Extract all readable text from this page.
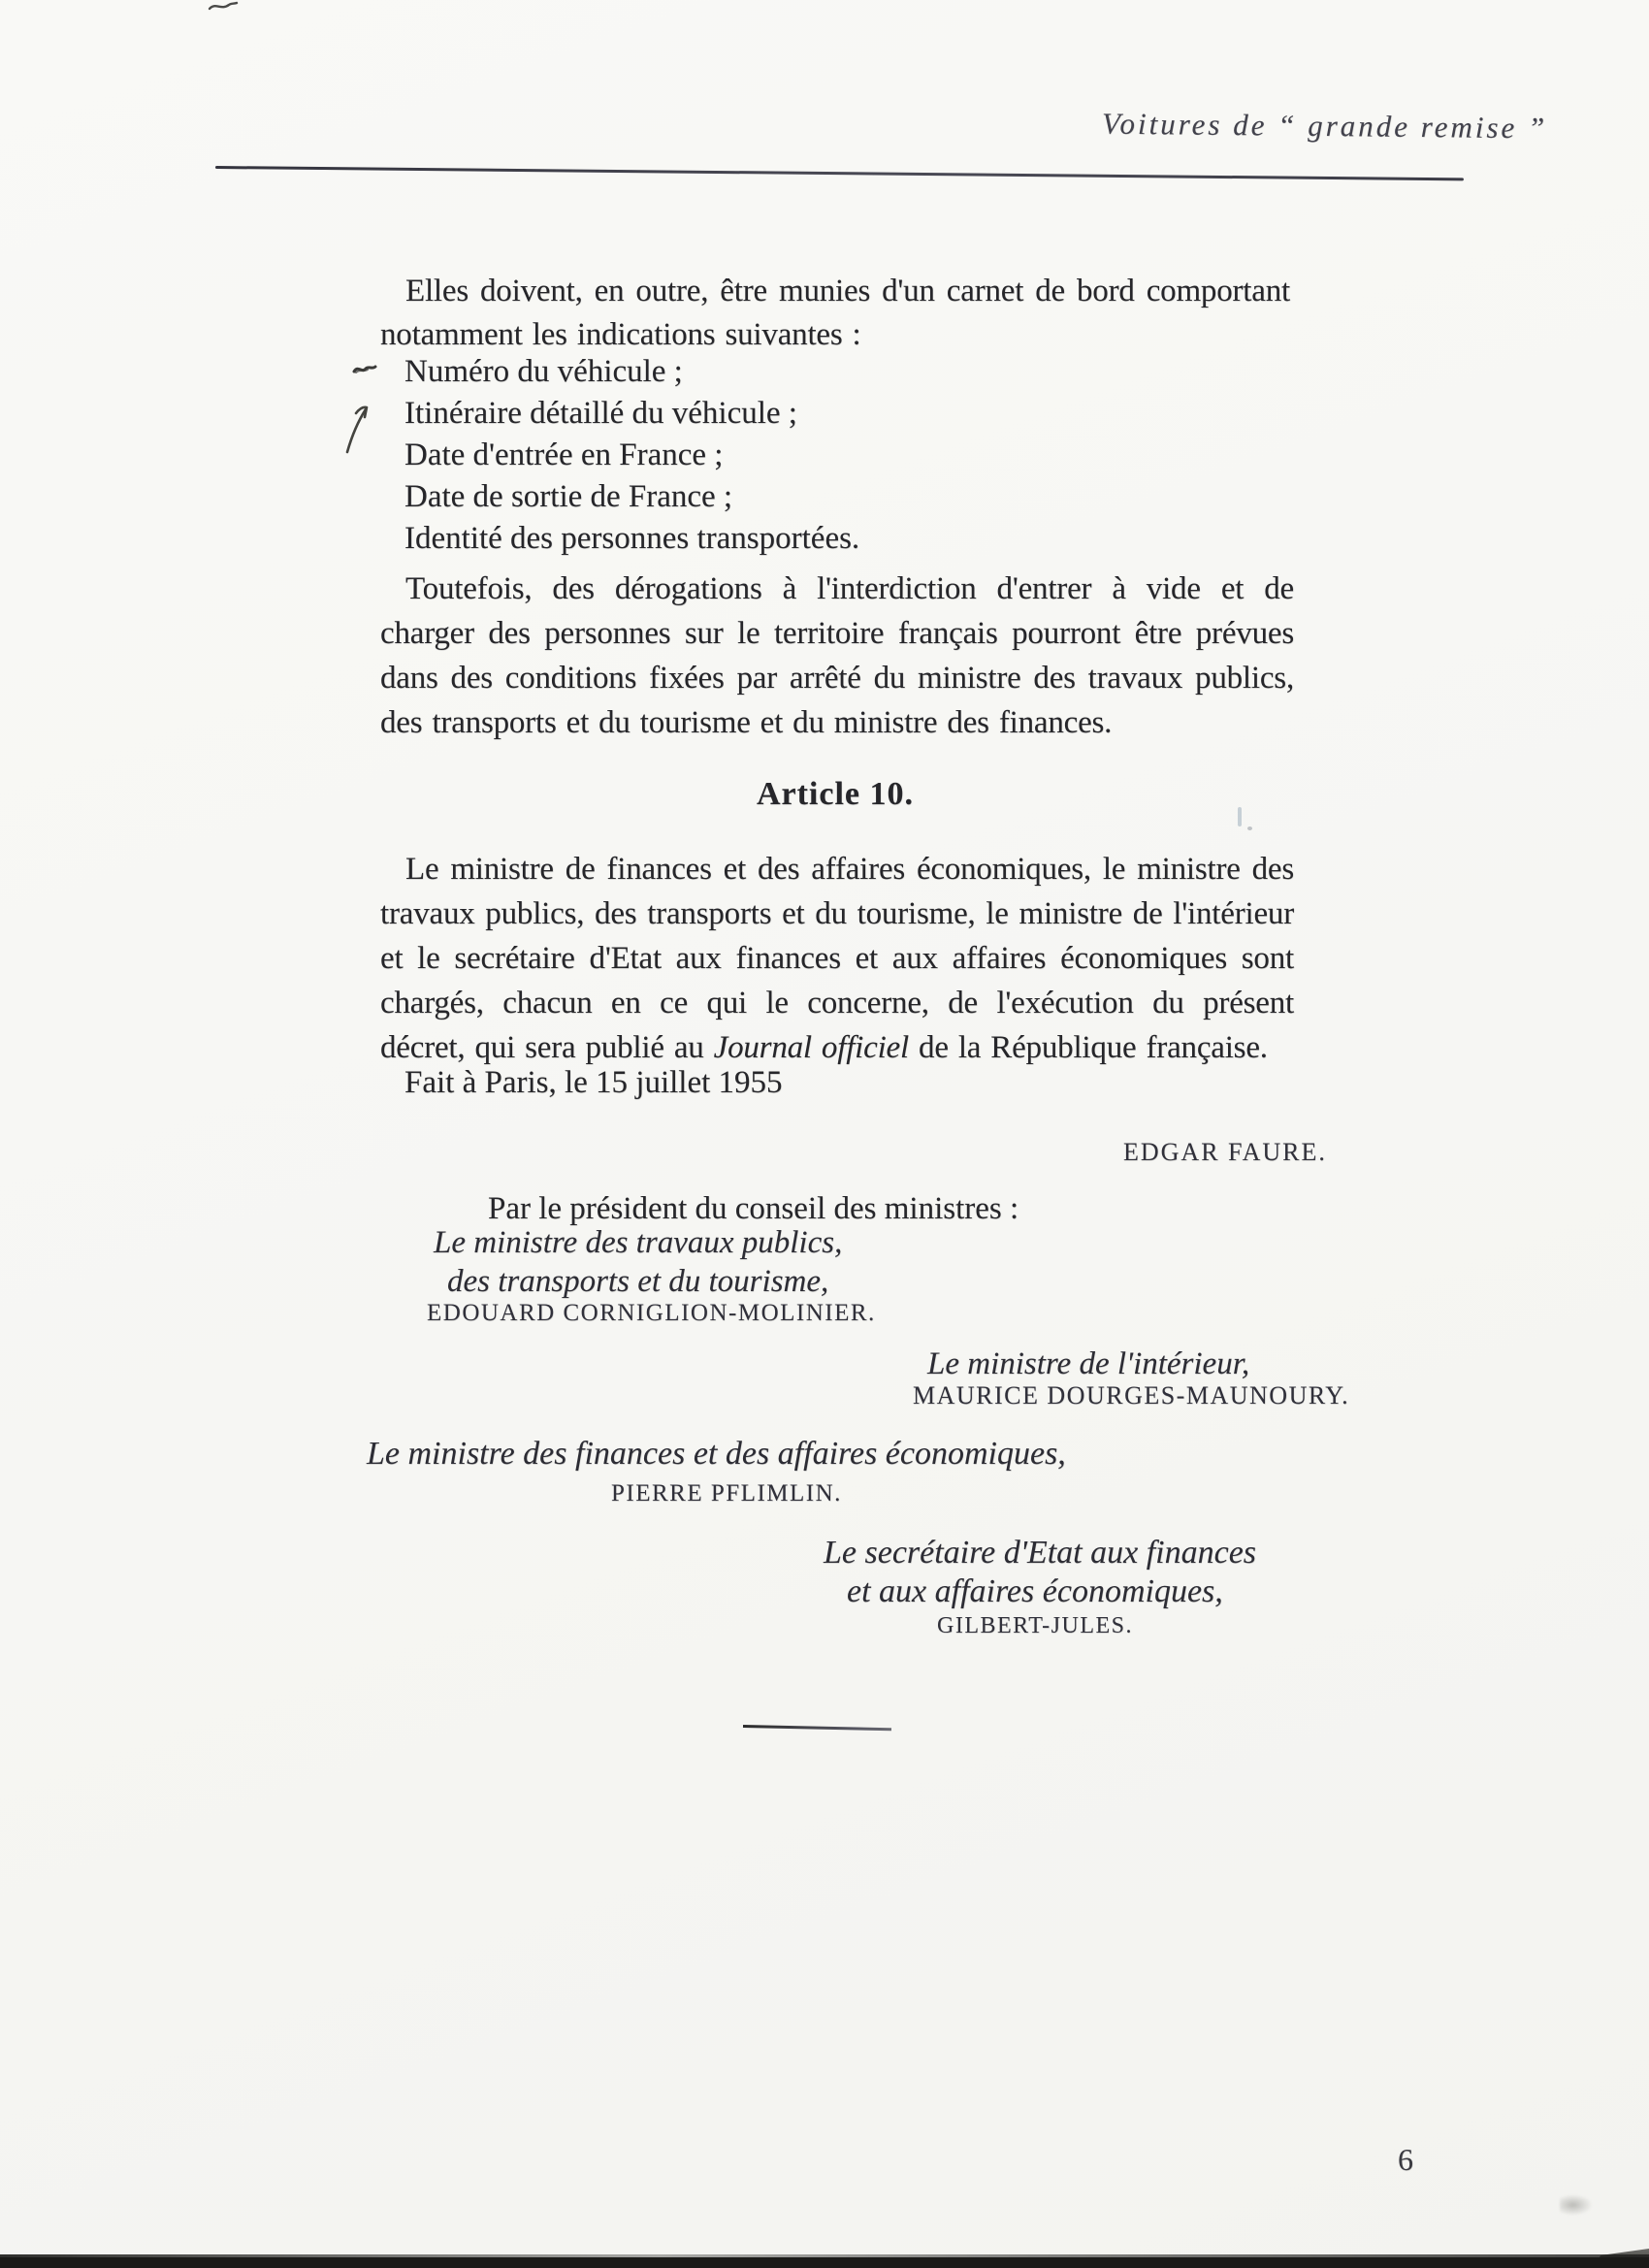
Voitures de “ grande remise ”

Elles doivent, en outre, être munies d'un carnet de bord comportant notamment les indications suivantes :

Numéro du véhicule ;
Itinéraire détaillé du véhicule ;
Date d'entrée en France ;
Date de sortie de France ;
Identité des personnes transportées.

Toutefois, des dérogations à l'interdiction d'entrer à vide et de charger des personnes sur le territoire français pourront être prévues dans des conditions fixées par arrêté du ministre des travaux publics, des transports et du tourisme et du ministre des finances.

Article 10.

Le ministre de finances et des affaires économiques, le ministre des travaux publics, des transports et du tourisme, le ministre de l'intérieur et le secrétaire d'Etat aux finances et aux affaires économiques sont chargés, chacun en ce qui le concerne, de l'exécution du présent décret, qui sera publié au Journal officiel de la République française.

Fait à Paris, le 15 juillet 1955
EDGAR FAURE.
Par le président du conseil des ministres :
Le ministre des travaux publics,
des transports et du tourisme,
EDOUARD CORNIGLION-MOLINIER.
Le ministre de l'intérieur,
MAURICE DOURGES-MAUNOURY.
Le ministre des finances et des affaires économiques,
PIERRE PFLIMLIN.
Le secrétaire d'Etat aux finances
et aux affaires économiques,
GILBERT-JULES.
6
